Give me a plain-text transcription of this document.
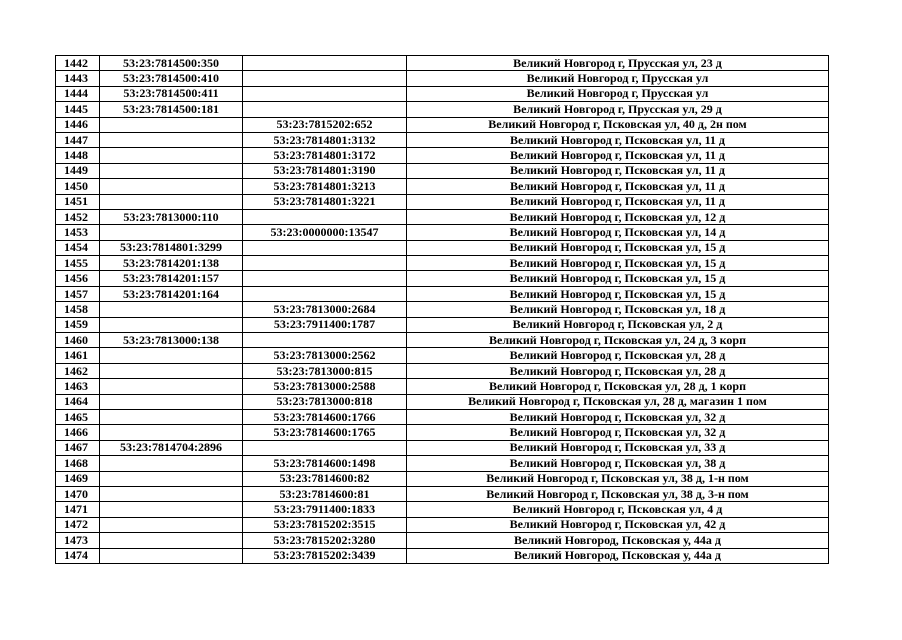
1442	53:23:7814500:350		Великий Новгород г, Прусская ул, 23 д
1443	53:23:7814500:410		Великий Новгород г, Прусская ул
1444	53:23:7814500:411		Великий Новгород г, Прусская ул
1445	53:23:7814500:181		Великий Новгород г, Прусская ул, 29 д
1446		53:23:7815202:652	Великий Новгород г, Псковская ул, 40 д, 2н пом
1447		53:23:7814801:3132	Великий Новгород г, Псковская ул, 11 д
1448		53:23:7814801:3172	Великий Новгород г, Псковская ул, 11 д
1449		53:23:7814801:3190	Великий Новгород г, Псковская ул, 11 д
1450		53:23:7814801:3213	Великий Новгород г, Псковская ул, 11 д
1451		53:23:7814801:3221	Великий Новгород г, Псковская ул, 11 д
1452	53:23:7813000:110		Великий Новгород г, Псковская ул, 12 д
1453		53:23:0000000:13547	Великий Новгород г, Псковская ул, 14 д
1454	53:23:7814801:3299		Великий Новгород г, Псковская ул, 15 д
1455	53:23:7814201:138		Великий Новгород г, Псковская ул, 15 д
1456	53:23:7814201:157		Великий Новгород г, Псковская ул, 15 д
1457	53:23:7814201:164		Великий Новгород г, Псковская ул, 15 д
1458		53:23:7813000:2684	Великий Новгород г, Псковская ул, 18 д
1459		53:23:7911400:1787	Великий Новгород г, Псковская ул, 2 д
1460	53:23:7813000:138		Великий Новгород г, Псковская ул, 24 д, 3 корп
1461		53:23:7813000:2562	Великий Новгород г, Псковская ул, 28 д
1462		53:23:7813000:815	Великий Новгород г, Псковская ул, 28 д
1463		53:23:7813000:2588	Великий Новгород г, Псковская ул, 28 д, 1 корп
1464		53:23:7813000:818	Великий Новгород г, Псковская ул, 28 д, магазин 1 пом
1465		53:23:7814600:1766	Великий Новгород г, Псковская ул, 32 д
1466		53:23:7814600:1765	Великий Новгород г, Псковская ул, 32 д
1467	53:23:7814704:2896		Великий Новгород г, Псковская ул, 33 д
1468		53:23:7814600:1498	Великий Новгород г, Псковская ул, 38 д
1469		53:23:7814600:82	Великий Новгород г, Псковская ул, 38 д, 1-н пом
1470		53:23:7814600:81	Великий Новгород г, Псковская ул, 38 д, 3-н пом
1471		53:23:7911400:1833	Великий Новгород г, Псковская ул, 4 д
1472		53:23:7815202:3515	Великий Новгород г, Псковская ул, 42 д
1473		53:23:7815202:3280	Великий Новгород, Псковская у, 44а д
1474		53:23:7815202:3439	Великий Новгород, Псковская у, 44а д
